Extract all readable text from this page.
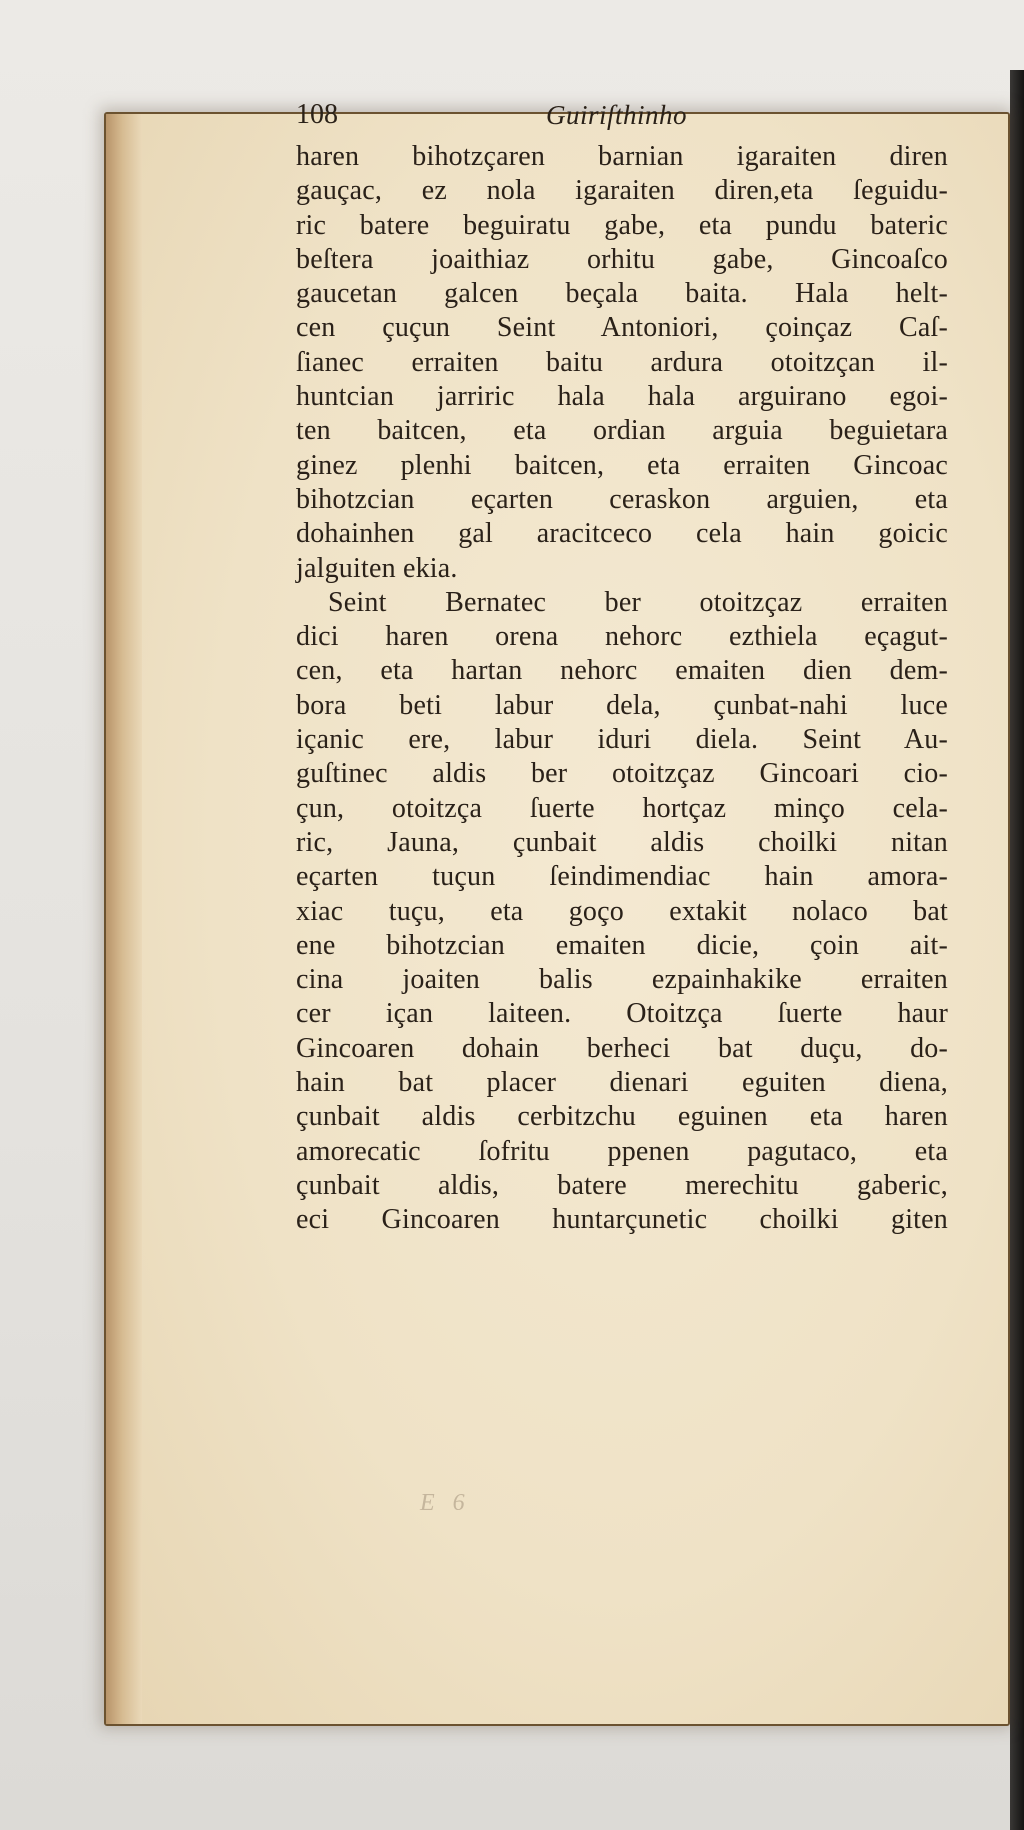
108	Guiriſthinho
haren bihotzçaren barnian igaraiten diren
gauçac, ez nola igaraiten diren,eta ſeguidu-
ric batere beguiratu gabe, eta pundu bateric
beſtera joaithiaz orhitu gabe, Gincoaſco
gaucetan galcen beçala baita. Hala helt-
cen çuçun Seint Antoniori, çoinçaz Caſ-
ſianec erraiten baitu ardura otoitzçan il-
huntcian jarriric hala hala arguirano egoi-
ten baitcen, eta ordian arguia beguietara
ginez plenhi baitcen, eta erraiten Gincoac
bihotzcian eçarten ceraskon arguien, eta
dohainhen gal aracitceco cela hain goicic
jalguiten ekia.
Seint Bernatec ber otoitzçaz erraiten
dici haren orena nehorc ezthiela eçagut-
cen, eta hartan nehorc emaiten dien dem-
bora beti labur dela, çunbat-nahi luce
içanic ere, labur iduri diela. Seint Au-
guſtinec aldis ber otoitzçaz Gincoari cio-
çun, otoitzça ſuerte hortçaz minço cela-
ric, Jauna, çunbait aldis choilki nitan
eçarten tuçun ſeindimendiac hain amora-
xiac tuçu, eta goço extakit nolaco bat
ene bihotzcian emaiten dicie, çoin ait-
cina joaiten balis ezpainhakike erraiten
cer içan laiteen. Otoitzça ſuerte haur
Gincoaren dohain berheci bat duçu, do-
hain bat placer dienari eguiten diena,
çunbait aldis cerbitzchu eguinen eta haren
amorecatic ſofritu ppenen pagutaco, eta
çunbait aldis, batere merechitu gaberic,
eci Gincoaren huntarçunetic choilki giten
E 6
